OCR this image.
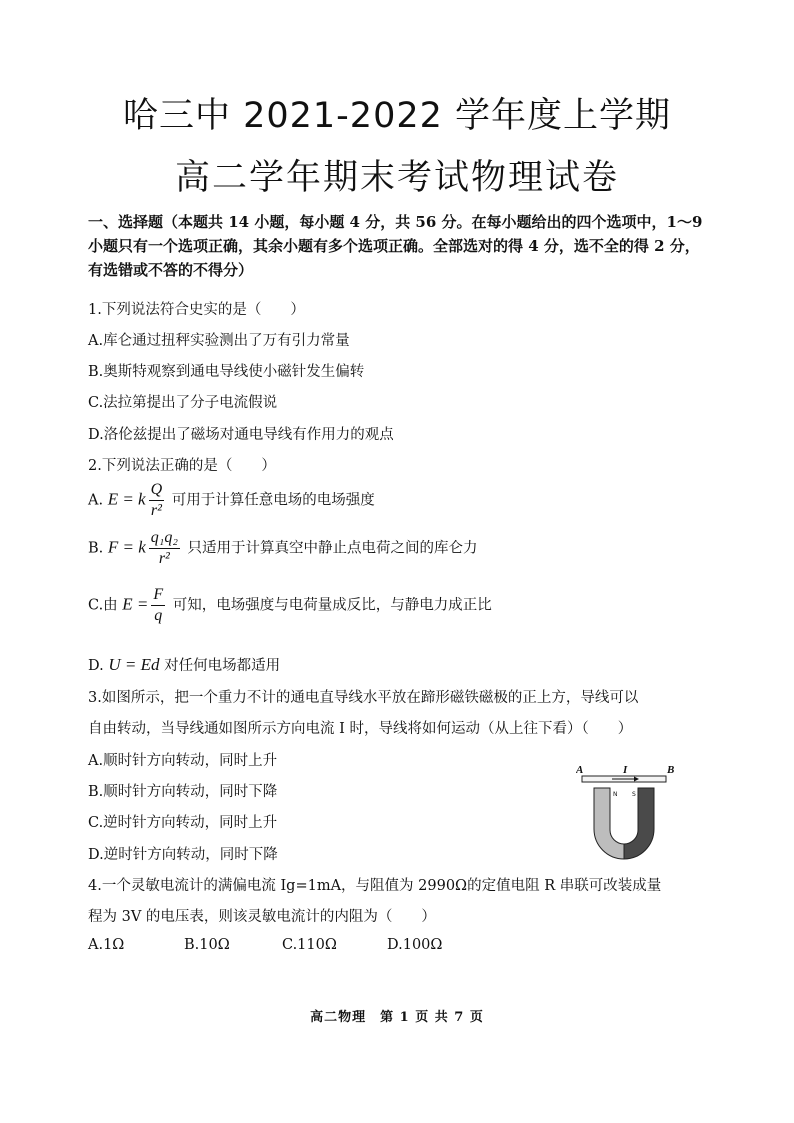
哈三中 2021-2022 学年度上学期
高二学年期末考试物理试卷
一、选择题（本题共 14 小题，每小题 4 分，共 56 分。在每小题给出的四个选项中，1～9 小题只有一个选项正确，其余小题有多个选项正确。全部选对的得 4 分，选不全的得 2 分，有选错或不答的不得分）
1.下列说法符合史实的是（　　）
A.库仑通过扭秤实验测出了万有引力常量
B.奥斯特观察到通电导线使小磁针发生偏转
C.法拉第提出了分子电流假说
D.洛伦兹提出了磁场对通电导线有作用力的观点
2.下列说法正确的是（　　）
A. E = k $\frac{Q}{\text{r²}}$ 可用于计算任意电场的电场强度
B. F = k $\frac{\text{q₁q₂}}{\text{r²}}$ 只适用于计算真空中静止点电荷之间的库仑力
C.由 $E = \frac{F}{q}$ 可知，电场强度与电荷量成反比，与静电力成正比
D. U = Ed 对任何电场都适用
3.如图所示，把一个重力不计的通电直导线水平放在蹄形磁铁磁极的正上方，导线可以
自由转动，当导线通如图所示方向电流 I 时，导线将如何运动（从上往下看）（　　）
A.顺时针方向转动，同时上升
B.顺时针方向转动，同时下降
C.逆时针方向转动，同时上升
D.逆时针方向转动，同时下降
A	I	B
N S
4.一个灵敏电流计的满偏电流 Ig=1mA，与阻值为 2990Ω的定值电阻 R 串联可改装成量
程为 3V 的电压表，则该灵敏电流计的内阻为（　　）
A.1Ω	B.10Ω	C.110Ω	D.100Ω
高二物理　第 1 页 共 7 页
